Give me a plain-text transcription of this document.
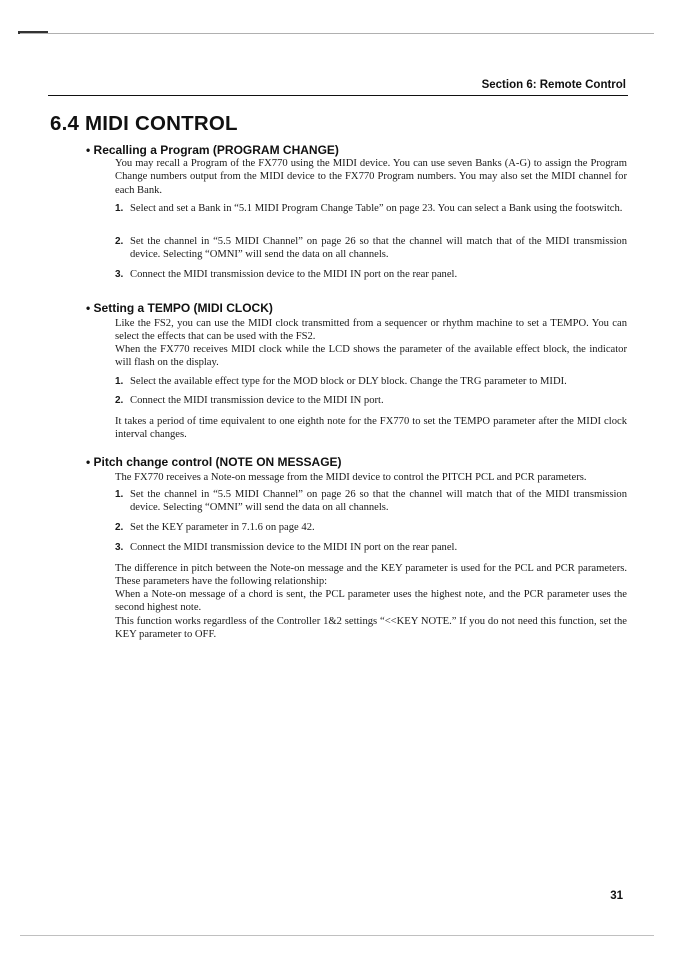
Section 6: Remote Control
6.4 MIDI CONTROL
• Recalling a Program (PROGRAM CHANGE)

You may recall a Program of the FX770 using the MIDI device. You can use seven Banks (A-G) to assign the Program Change numbers output from the MIDI device to the FX770 Program numbers. You may also set the MIDI channel for each Bank.

1. Select and set a Bank in “5.1 MIDI Program Change Table” on page 23. You can select a Bank using the footswitch.

2. Set the channel in “5.5 MIDI Channel” on page 26 so that the channel will match that of the MIDI transmission device. Selecting “OMNI” will send the data on all channels.

3. Connect the MIDI transmission device to the MIDI IN port on the rear panel.

• Setting a TEMPO (MIDI CLOCK)

Like the FS2, you can use the MIDI clock transmitted from a sequencer or rhythm machine to set a TEMPO. You can select the effects that can be used with the FS2.

When the FX770 receives MIDI clock while the LCD shows the parameter of the available effect block, the indicator will flash on the display.

1. Select the available effect type for the MOD block or DLY block. Change the TRG parameter to MIDI.

2. Connect the MIDI transmission device to the MIDI IN port.

It takes a period of time equivalent to one eighth note for the FX770 to set the TEMPO parameter after the MIDI clock interval changes.

• Pitch change control (NOTE ON MESSAGE)

The FX770 receives a Note-on message from the MIDI device to control the PITCH PCL and PCR parameters.

1. Set the channel in “5.5 MIDI Channel” on page 26 so that the channel will match that of the MIDI transmission device. Selecting “OMNI” will send the data on all channels.

2. Set the KEY parameter in 7.1.6 on page 42.

3. Connect the MIDI transmission device to the MIDI IN port on the rear panel.

The difference in pitch between the Note-on message and the KEY parameter is used for the PCL and PCR parameters. These parameters have the following relationship:

When a Note-on message of a chord is sent, the PCL parameter uses the highest note, and the PCR parameter uses the second highest note.

This function works regardless of the Controller 1&2 settings “<<KEY NOTE.” If you do not need this function, set the KEY parameter to OFF.

31
